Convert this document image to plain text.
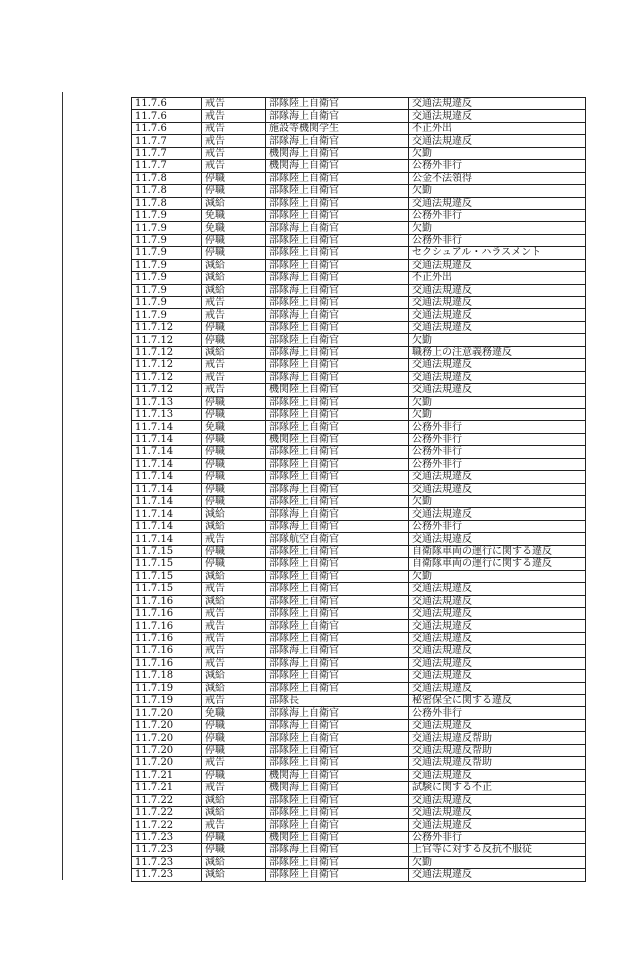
11.7.6	戒告	部隊陸上自衛官	交通法規違反
11.7.6	戒告	部隊海上自衛官	交通法規違反
11.7.6	戒告	施設等機関学生	不正外出
11.7.7	戒告	部隊海上自衛官	交通法規違反
11.7.7	戒告	機関海上自衛官	欠勤
11.7.7	戒告	機関海上自衛官	公務外非行
11.7.8	停職	部隊陸上自衛官	公金不法領得
11.7.8	停職	部隊陸上自衛官	欠勤
11.7.8	減給	部隊陸上自衛官	交通法規違反
11.7.9	免職	部隊陸上自衛官	公務外非行
11.7.9	免職	部隊海上自衛官	欠勤
11.7.9	停職	部隊陸上自衛官	公務外非行
11.7.9	停職	部隊陸上自衛官	セクシュアル・ハラスメント
11.7.9	減給	部隊陸上自衛官	交通法規違反
11.7.9	減給	部隊海上自衛官	不正外出
11.7.9	減給	部隊海上自衛官	交通法規違反
11.7.9	戒告	部隊陸上自衛官	交通法規違反
11.7.9	戒告	部隊海上自衛官	交通法規違反
11.7.12	停職	部隊陸上自衛官	交通法規違反
11.7.12	停職	部隊陸上自衛官	欠勤
11.7.12	減給	部隊海上自衛官	職務上の注意義務違反
11.7.12	戒告	部隊陸上自衛官	交通法規違反
11.7.12	戒告	部隊海上自衛官	交通法規違反
11.7.12	戒告	機関陸上自衛官	交通法規違反
11.7.13	停職	部隊陸上自衛官	欠勤
11.7.13	停職	部隊陸上自衛官	欠勤
11.7.14	免職	部隊陸上自衛官	公務外非行
11.7.14	停職	機関陸上自衛官	公務外非行
11.7.14	停職	部隊陸上自衛官	公務外非行
11.7.14	停職	部隊陸上自衛官	公務外非行
11.7.14	停職	部隊陸上自衛官	交通法規違反
11.7.14	停職	部隊海上自衛官	交通法規違反
11.7.14	停職	部隊陸上自衛官	欠勤
11.7.14	減給	部隊海上自衛官	交通法規違反
11.7.14	減給	部隊海上自衛官	公務外非行
11.7.14	戒告	部隊航空自衛官	交通法規違反
11.7.15	停職	部隊陸上自衛官	自衛隊車両の運行に関する違反
11.7.15	停職	部隊陸上自衛官	自衛隊車両の運行に関する違反
11.7.15	減給	部隊陸上自衛官	欠勤
11.7.15	戒告	部隊陸上自衛官	交通法規違反
11.7.16	減給	部隊陸上自衛官	交通法規違反
11.7.16	戒告	部隊陸上自衛官	交通法規違反
11.7.16	戒告	部隊陸上自衛官	交通法規違反
11.7.16	戒告	部隊陸上自衛官	交通法規違反
11.7.16	戒告	部隊海上自衛官	交通法規違反
11.7.16	戒告	部隊海上自衛官	交通法規違反
11.7.18	減給	部隊陸上自衛官	交通法規違反
11.7.19	減給	部隊陸上自衛官	交通法規違反
11.7.19	戒告	部隊長	秘密保全に関する違反
11.7.20	免職	部隊海上自衛官	公務外非行
11.7.20	停職	部隊海上自衛官	交通法規違反
11.7.20	停職	部隊陸上自衛官	交通法規違反帮助
11.7.20	停職	部隊陸上自衛官	交通法規違反帮助
11.7.20	戒告	部隊陸上自衛官	交通法規違反帮助
11.7.21	停職	機関海上自衛官	交通法規違反
11.7.21	戒告	機関海上自衛官	試験に関する不正
11.7.22	減給	部隊陸上自衛官	交通法規違反
11.7.22	減給	部隊陸上自衛官	交通法規違反
11.7.22	戒告	部隊陸上自衛官	交通法規違反
11.7.23	停職	機関陸上自衛官	公務外非行
11.7.23	停職	部隊海上自衛官	上官等に対する反抗不服従
11.7.23	減給	部隊陸上自衛官	欠勤
11.7.23	減給	部隊陸上自衛官	交通法規違反
